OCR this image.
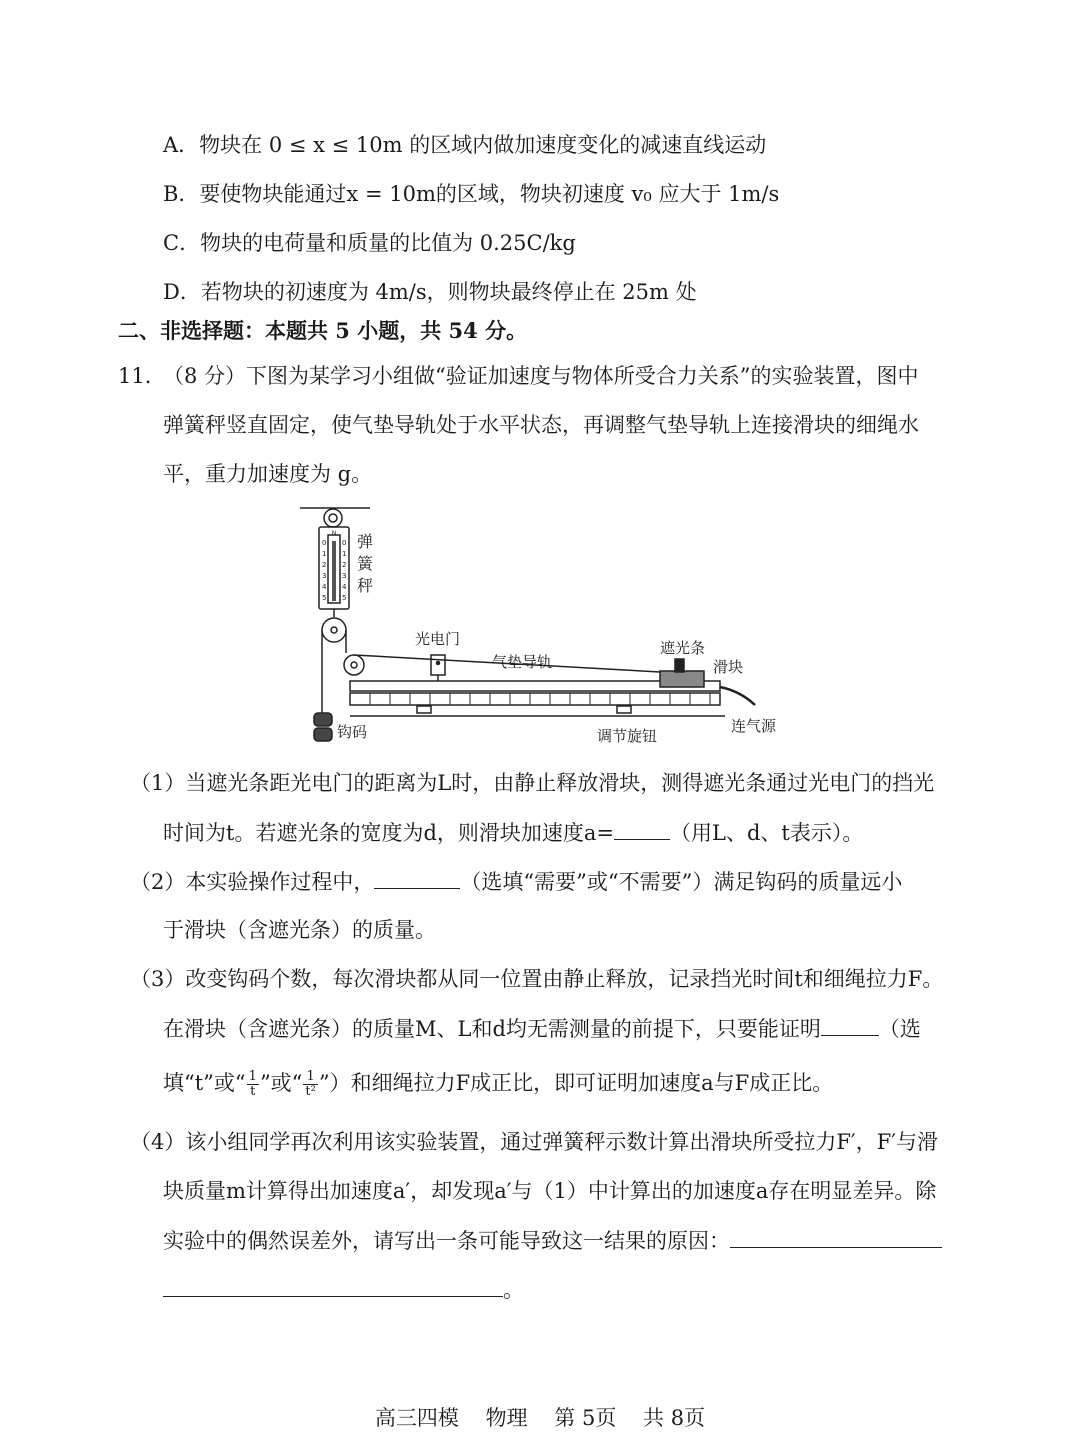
A．物块在 0 ≤ x ≤ 10m 的区域内做加速度变化的减速直线运动
B．要使物块能通过x = 10m的区域，物块初速度 v₀ 应大于 1m/s
C．物块的电荷量和质量的比值为 0.25C/kg
D．若物块的初速度为 4m/s，则物块最终停止在 25m 处
二、非选择题：本题共 5 小题，共 54 分。
11. （8 分）下图为某学习小组做“验证加速度与物体所受合力关系”的实验装置，图中
弹簧秤竖直固定，使气垫导轨处于水平状态，再调整气垫导轨上连接滑块的细绳水
平，重力加速度为 g。
N
0
1
2
3
4
5
0
1
2
3
4
5
弹
簧
秤
钩码
光电门
气垫导轨
遮光条
滑块
连气源
调节旋钮
（1）当遮光条距光电门的距离为L时，由静止释放滑块，测得遮光条通过光电门的挡光
时间为t。若遮光条的宽度为d，则滑块加速度a=	（用L、d、t表示）。
（2）本实验操作过程中，	（选填“需要”或“不需要”）满足钩码的质量远小
于滑块（含遮光条）的质量。
（3）改变钩码个数，每次滑块都从同一位置由静止释放，记录挡光时间t和细绳拉力F。
在滑块（含遮光条）的质量M、L和d均无需测量的前提下，只要能证明	（选
填“t”或“ $\frac{1}{t}$ ”或“ $\frac{1}{\text{t²}}$ ”）和细绳拉力F成正比，即可证明加速度a与F成正比。
（4）该小组同学再次利用该实验装置，通过弹簧秤示数计算出滑块所受拉力F′，F′与滑
块质量m计算得出加速度a′，却发现a′与（1）中计算出的加速度a存在明显差异。除
实验中的偶然误差外，请写出一条可能导致这一结果的原因：
。
高三四模 物理 第 5页 共 8页
